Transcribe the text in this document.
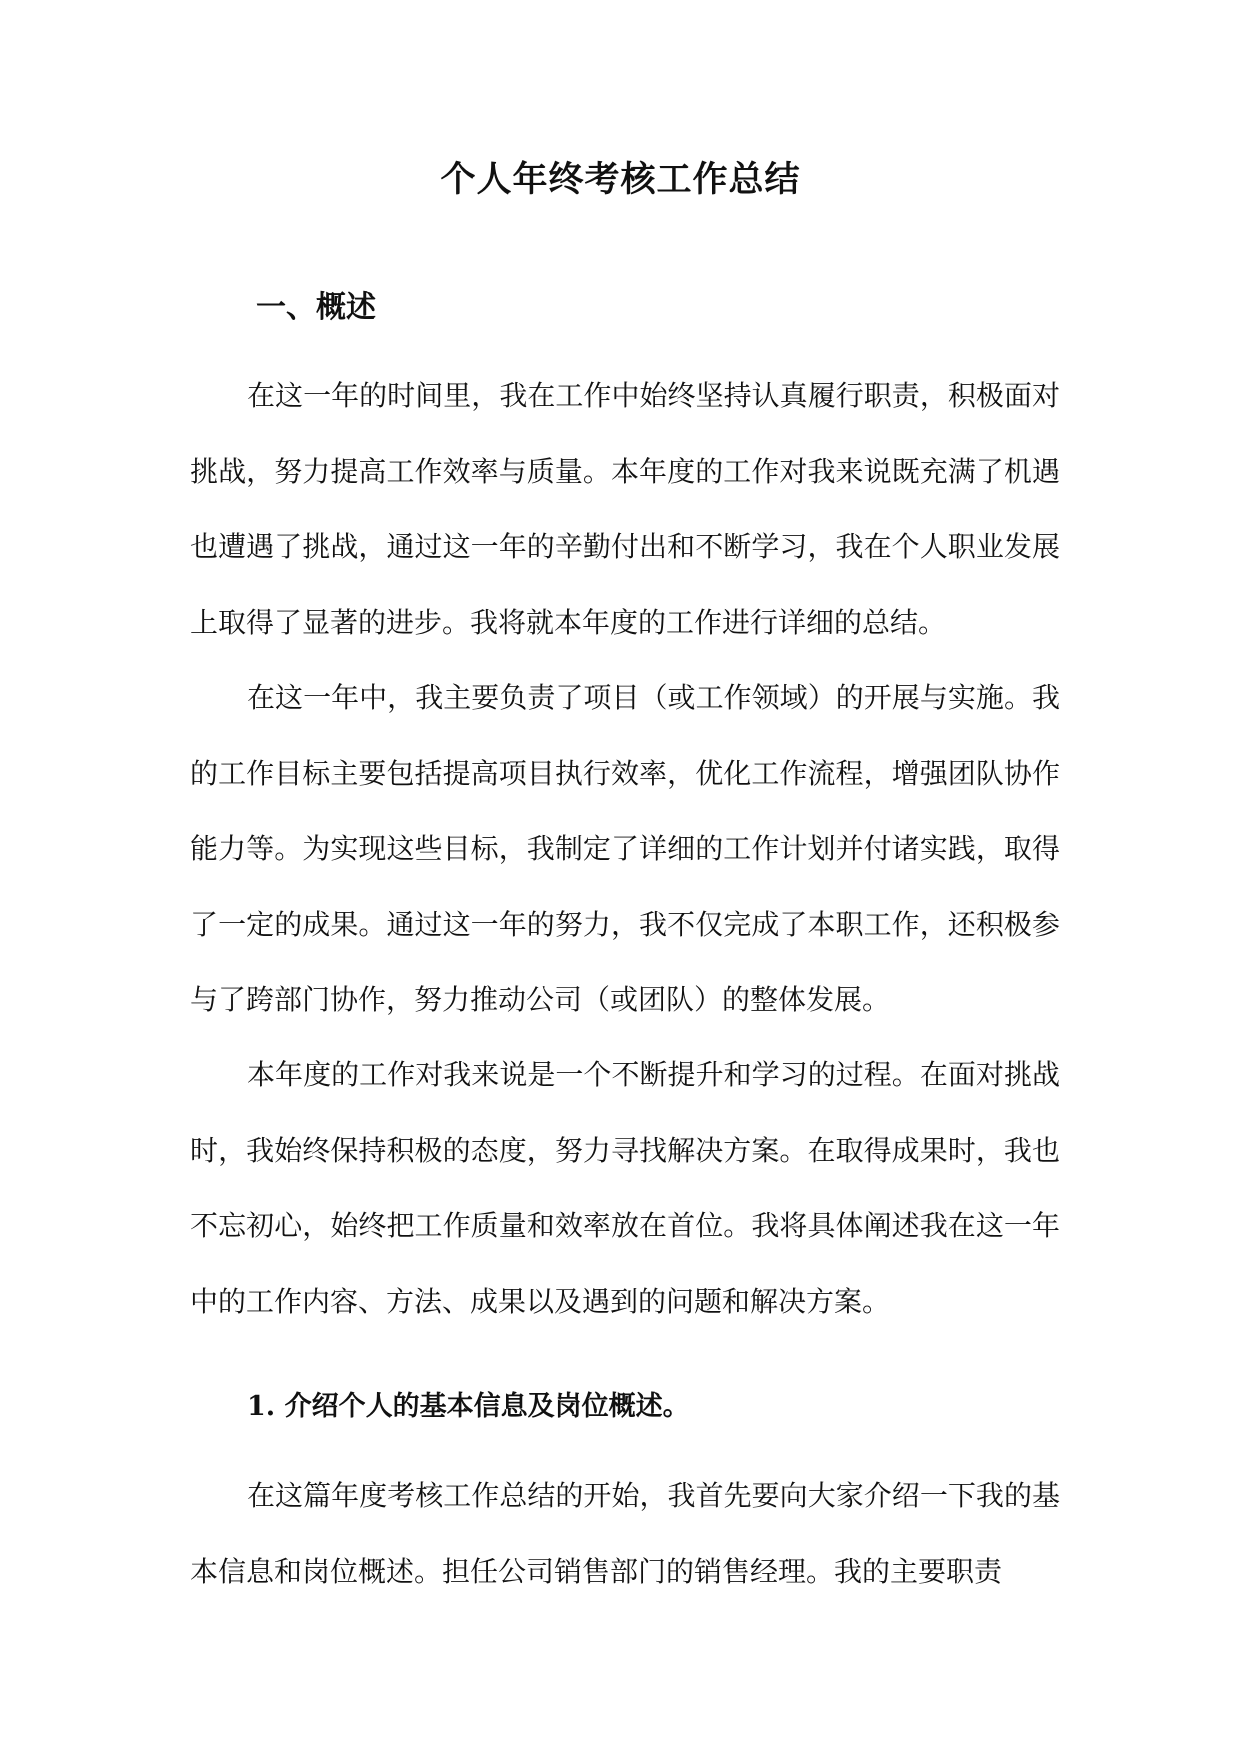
个人年终考核工作总结
一、概述

在这一年的时间里，我在工作中始终坚持认真履行职责，积极面对挑战，努力提高工作效率与质量。本年度的工作对我来说既充满了机遇也遭遇了挑战，通过这一年的辛勤付出和不断学习，我在个人职业发展上取得了显著的进步。我将就本年度的工作进行详细的总结。

在这一年中，我主要负责了项目（或工作领域）的开展与实施。我的工作目标主要包括提高项目执行效率，优化工作流程，增强团队协作能力等。为实现这些目标，我制定了详细的工作计划并付诸实践，取得了一定的成果。通过这一年的努力，我不仅完成了本职工作，还积极参与了跨部门协作，努力推动公司（或团队）的整体发展。

本年度的工作对我来说是一个不断提升和学习的过程。在面对挑战时，我始终保持积极的态度，努力寻找解决方案。在取得成果时，我也不忘初心，始终把工作质量和效率放在首位。我将具体阐述我在这一年中的工作内容、方法、成果以及遇到的问题和解决方案。

1. 介绍个人的基本信息及岗位概述。

在这篇年度考核工作总结的开始，我首先要向大家介绍一下我的基本信息和岗位概述。担任公司销售部门的销售经理。我的主要职责
